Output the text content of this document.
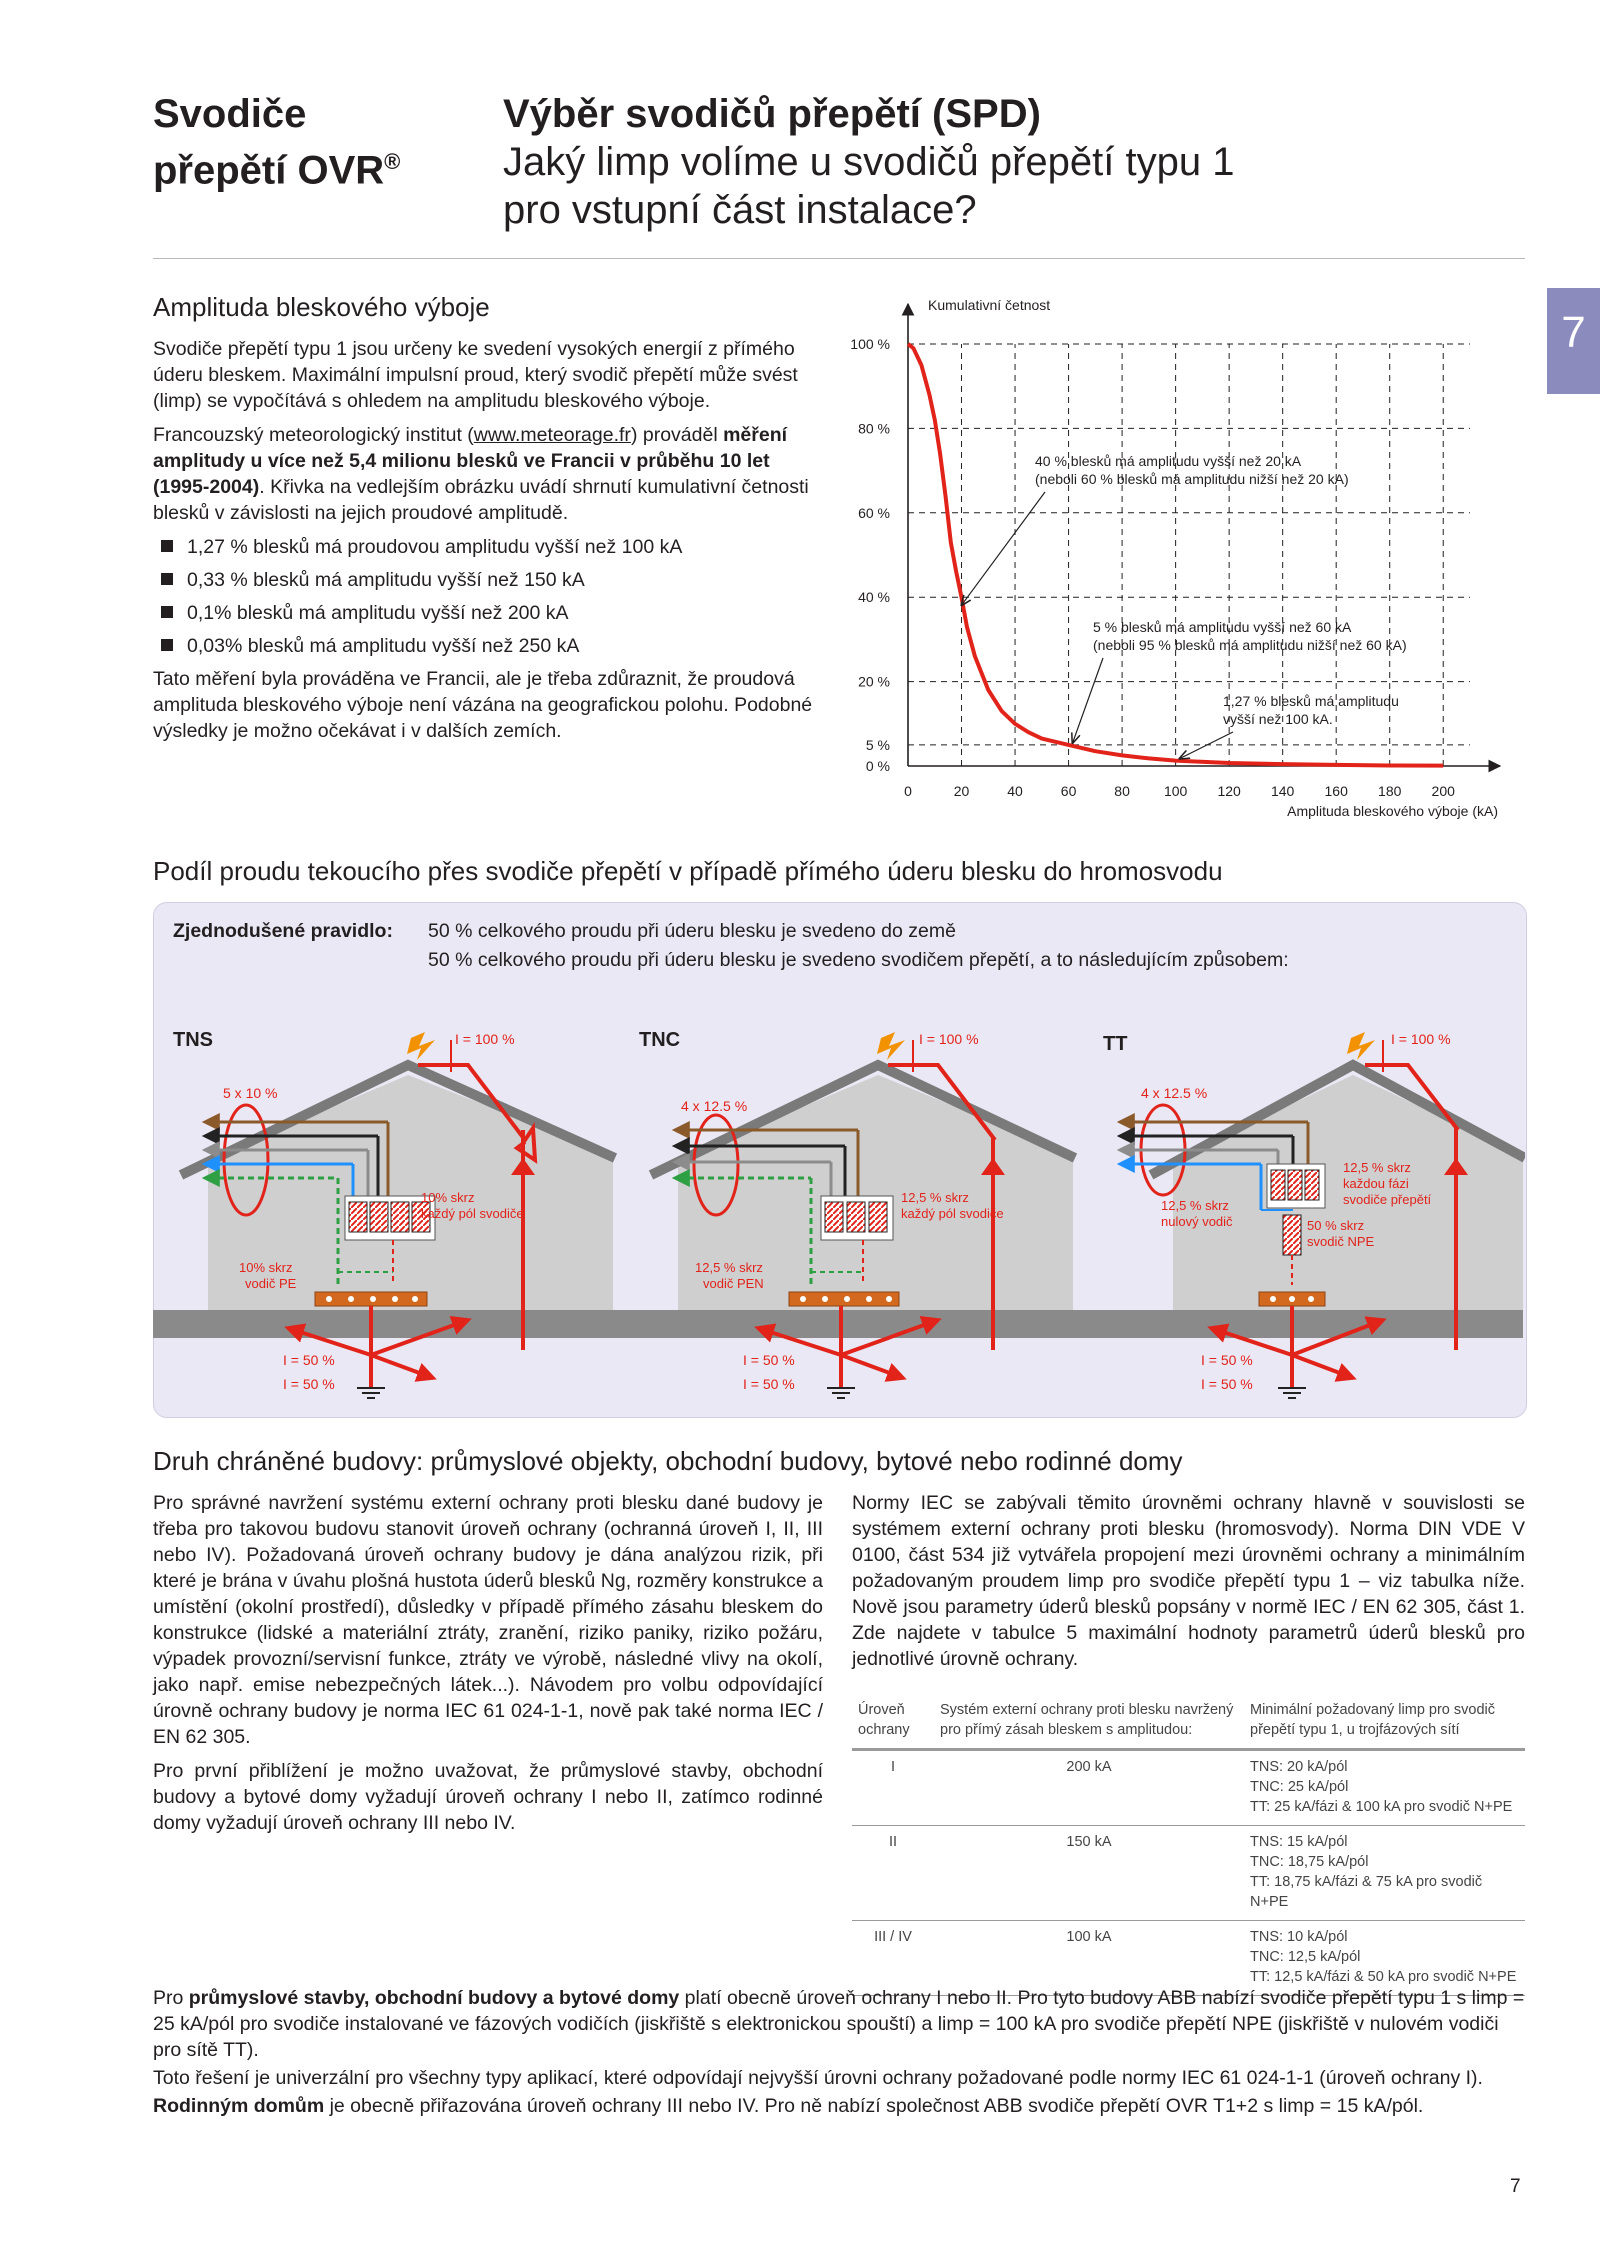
Svodiče
přepětí OVR®
Výběr svodičů přepětí (SPD)
Jaký limp volíme u svodičů přepětí typu 1
pro vstupní část instalace?
7
Amplituda bleskového výboje

Svodiče přepětí typu 1 jsou určeny ke svedení vysokých energií z přímého úderu bleskem. Maximální impulsní proud, který svodič přepětí může svést (limp) se vypočítává s ohledem na amplitudu bleskového výboje.

Francouzský meteorologický institut (www.meteorage.fr) prováděl měření amplitudy u více než 5,4 milionu blesků ve Francii v průběhu 10 let (1995-2004). Křivka na vedlejším obrázku uvádí shrnutí kumulativní četnosti blesků v závislosti na jejich proudové amplitudě.

1,27 % blesků má proudovou amplitudu vyšší než 100 kA
0,33 % blesků má amplitudu vyšší než 150 kA
0,1% blesků má amplitudu vyšší než 200 kA
0,03% blesků má amplitudu vyšší než 250 kA

Tato měření byla prováděna ve Francii, ale je třeba zdůraznit, že proudová amplituda bleskového výboje není vázána na geografickou polohu. Podobné výsledky je možno očekávat i v dalších zemích.

0	20	40	60	80 100 120 140 160 180 200
0 %
5 %
20 %
40 %
60 %
80 %
100 %
40 % blesků má amplitudu vyšší než 20 kA
(neboli 60 % blesků má amplitudu nižší než 20 kA)
5 % blesků má amplitudu vyšší než 60 kA
(neboli 95 % blesků má amplitudu nižší než 60 kA)
1,27 % blesků má amplitudu
vyšší než 100 kA.
Kumulativní četnost
Amplituda bleskového výboje (kA)
Podíl proudu tekoucího přes svodiče přepětí v případě přímého úderu blesku do hromosvodu
Zjednodušené pravidlo: 50 % celkového proudu při úderu blesku je svedeno do země
50 % celkového proudu při úderu blesku je svedeno svodičem přepětí, a to následujícím způsobem:
I = 100 %
TNS
5 x 10 %
10% skrz
každý pól svodiče
10% skrz
vodič PE
I = 50 %
I = 50 %
I = 100 %
TNC
4 x 12.5 %
12,5 % skrz
každý pól svodiče
12,5 % skrz
vodič PEN
I = 50 %
I = 50 %
I = 100 %
TT
4 x 12.5 %
12,5 % skrz
každou fázi
svodiče přepětí
12,5 % skrz
nulový vodič	50 % skrz
svodič NPE
I = 50 %
I = 50 %
Druh chráněné budovy: průmyslové objekty, obchodní budovy, bytové nebo rodinné domy

Pro správné navržení systému externí ochrany proti blesku dané budovy je třeba pro takovou budovu stanovit úroveň ochrany (ochranná úroveň I, II, III nebo IV). Požadovaná úroveň ochrany budovy je dána analýzou rizik, při které je brána v úvahu plošná hustota úderů blesků Ng, rozměry konstrukce a umístění (okolní prostředí), důsledky v případě přímého zásahu bleskem do konstrukce (lidské a materiální ztráty, zranění, riziko paniky, riziko požáru, výpadek provozní/servisní funkce, ztráty ve výrobě, následné vlivy na okolí, jako např. emise nebezpečných látek...). Návodem pro volbu odpovídající úrovně ochrany budovy je norma IEC 61 024-1-1, nově pak také norma IEC / EN 62 305.

Pro první přiblížení je možno uvažovat, že průmyslové stavby, obchodní budovy a bytové domy vyžadují úroveň ochrany I nebo II, zatímco rodinné domy vyžadují úroveň ochrany III nebo IV.

Normy IEC se zabývali těmito úrovněmi ochrany hlavně v souvislosti se systémem externí ochrany proti blesku (hromosvody). Norma DIN VDE V 0100, část 534 již vytvářela propojení mezi úrovněmi ochrany a minimálním požadovaným proudem limp pro svodiče přepětí typu 1 – viz tabulka níže. Nově jsou parametry úderů blesků popsány v normě IEC / EN 62 305, část 1. Zde najdete v tabulce 5 maximální hodnoty parametrů úderů blesků pro jednotlivé úrovně ochrany.

Úroveň ochrany	Systém externí ochrany proti blesku navržený pro přímý zásah bleskem s amplitudou:	Minimální požadovaný limp pro svodič přepětí typu 1, u trojfázových sítí
I	200 kA	TNS: 20 kA/pól
TNC: 25 kA/pól
TT: 25 kA/fázi & 100 kA pro svodič N+PE

II	150 kA	TNS: 15 kA/pól
TNC: 18,75 kA/pól
TT: 18,75 kA/fázi & 75 kA pro svodič N+PE

III / IV	100 kA	TNS: 10 kA/pól
TNC: 12,5 kA/pól
TT: 12,5 kA/fázi & 50 kA pro svodič N+PE

Pro průmyslové stavby, obchodní budovy a bytové domy platí obecně úroveň ochrany I nebo II. Pro tyto budovy ABB nabízí svodiče přepětí typu 1 s limp = 25 kA/pól pro svodiče instalované ve fázových vodičích (jiskřiště s elektronickou spouští) a limp = 100 kA pro svodiče přepětí NPE (jiskřiště v nulovém vodiči pro sítě TT).

Toto řešení je univerzální pro všechny typy aplikací, které odpovídají nejvyšší úrovni ochrany požadované podle normy IEC 61 024-1-1 (úroveň ochrany I).

Rodinným domům je obecně přiřazována úroveň ochrany III nebo IV. Pro ně nabízí společnost ABB svodiče přepětí OVR T1+2 s limp = 15 kA/pól.

7
